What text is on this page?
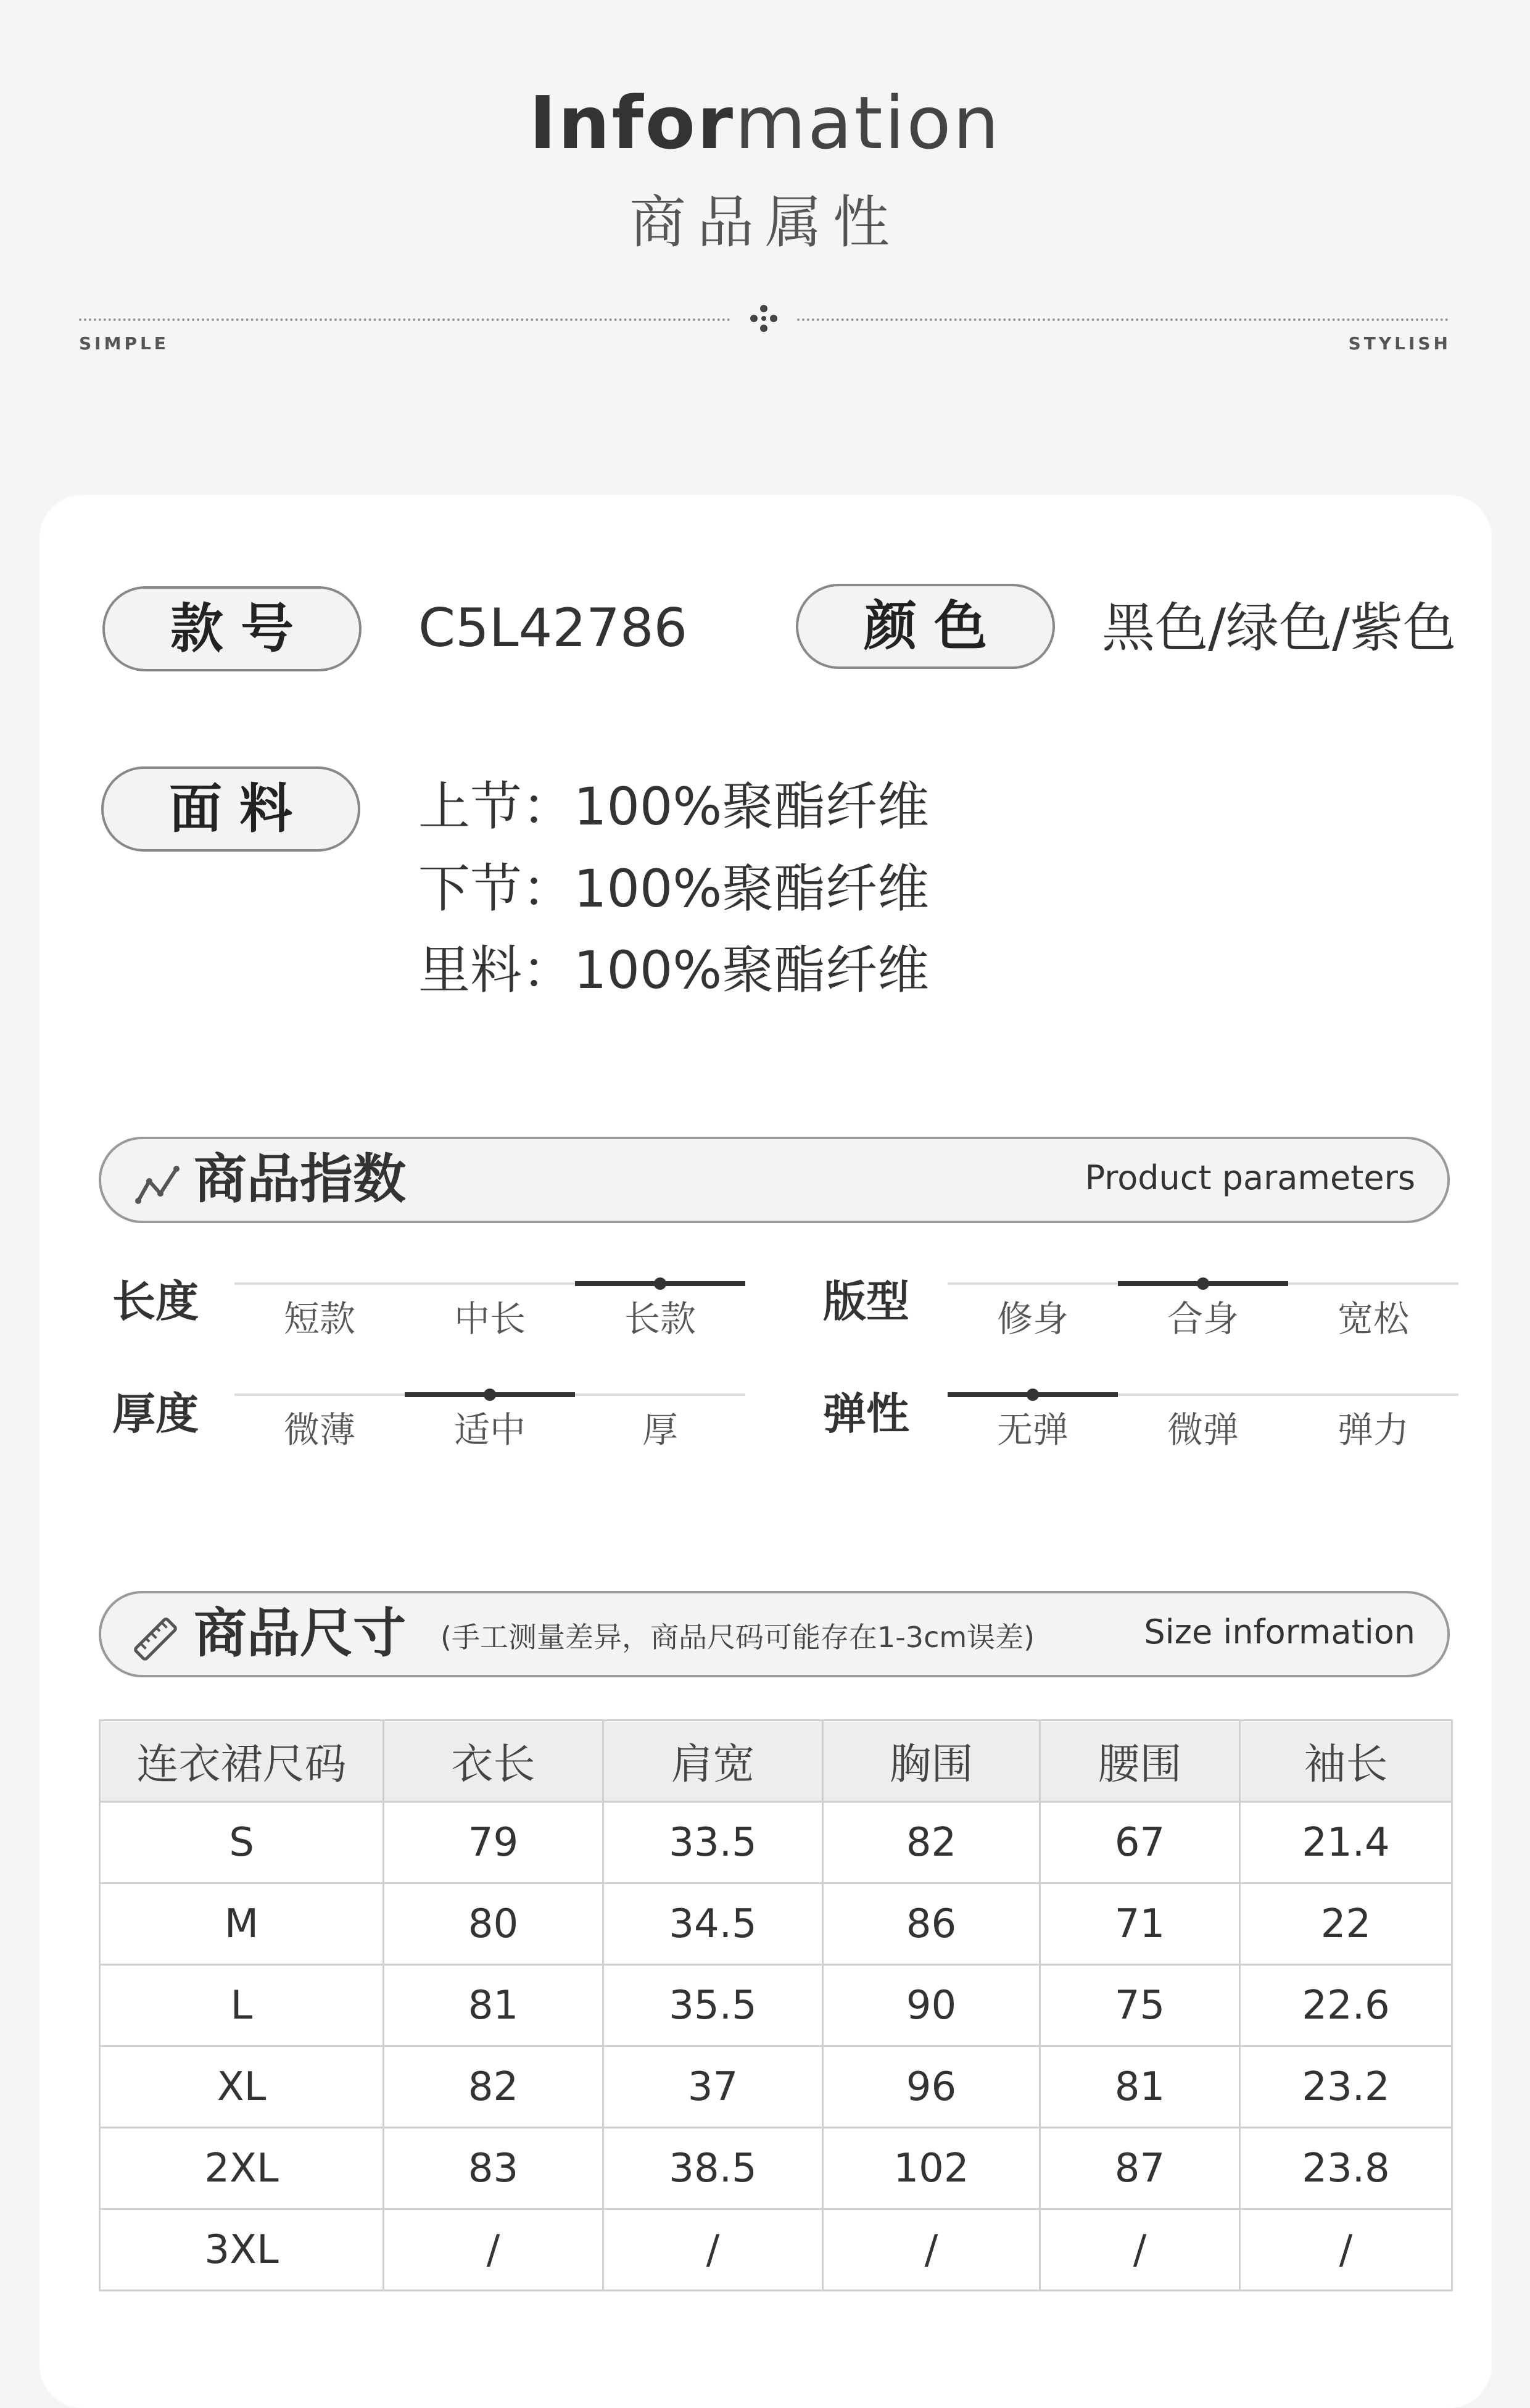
Information
商品属性
SIMPLE	STYLISH
款号	C5L42786	颜色	黑色/绿色/紫色
面料	上节：100%聚酯纤维
下节：100%聚酯纤维
里料：100%聚酯纤维
商品指数	Product parameters
长度	短款	中长	长款	版型	修身	合身	宽松
厚度	微薄	适中	厚	弹性	无弹	微弹	弹力
商品尺寸 (手工测量差异，商品尺码可能存在1-3cm误差)	Size information
连衣裙尺码	衣长	肩宽	胸围	腰围	袖长
S	79	33.5	82	67	21.4
M	80	34.5	86	71	22
L	81	35.5	90	75	22.6
XL	82	37	96	81	23.2
2XL	83	38.5	102	87	23.8
3XL	/	/	/	/	/
